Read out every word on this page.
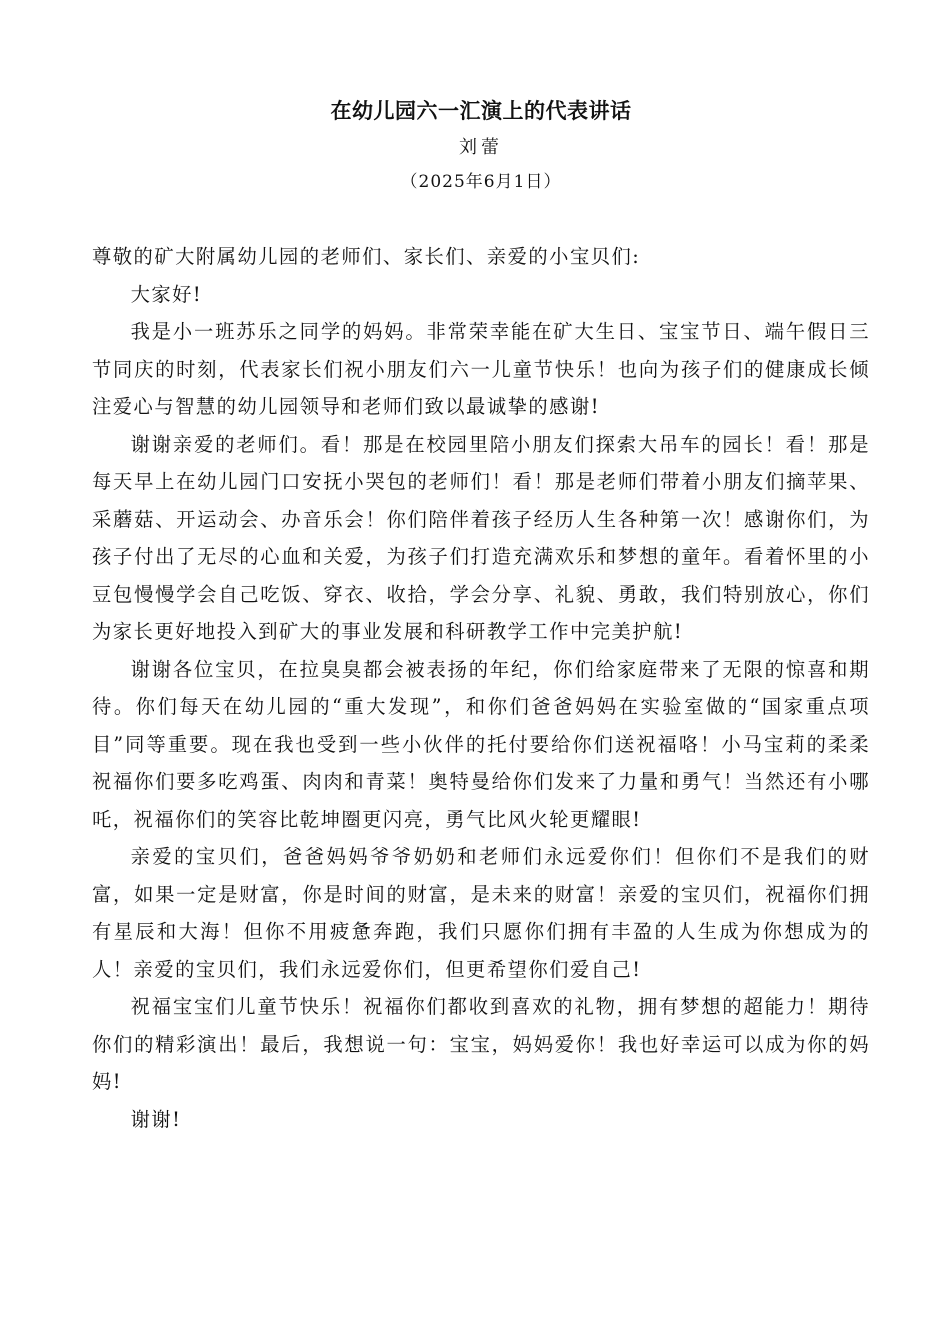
在幼儿园六一汇演上的代表讲话
刘蕾
（2025年6月1日）

尊敬的矿大附属幼儿园的老师们、家长们、亲爱的小宝贝们:

大家好!

我是小一班苏乐之同学的妈妈。非常荣幸能在矿大生日、宝宝节日、端午假日三节同庆的时刻，代表家长们祝小朋友们六一儿童节快乐！也向为孩子们的健康成长倾注爱心与智慧的幼儿园领导和老师们致以最诚挚的感谢!

谢谢亲爱的老师们。看！那是在校园里陪小朋友们探索大吊车的园长！看！那是每天早上在幼儿园门口安抚小哭包的老师们！看！那是老师们带着小朋友们摘苹果、采蘑菇、开运动会、办音乐会！你们陪伴着孩子经历人生各种第一次！感谢你们，为孩子付出了无尽的心血和关爱，为孩子们打造充满欢乐和梦想的童年。看着怀里的小豆包慢慢学会自己吃饭、穿衣、收拾，学会分享、礼貌、勇敢，我们特别放心，你们为家长更好地投入到矿大的事业发展和科研教学工作中完美护航!

谢谢各位宝贝，在拉臭臭都会被表扬的年纪，你们给家庭带来了无限的惊喜和期待。你们每天在幼儿园的“重大发现”，和你们爸爸妈妈在实验室做的“国家重点项目”同等重要。现在我也受到一些小伙伴的托付要给你们送祝福咯！小马宝莉的柔柔祝福你们要多吃鸡蛋、肉肉和青菜！奥特曼给你们发来了力量和勇气！当然还有小哪吒，祝福你们的笑容比乾坤圈更闪亮，勇气比风火轮更耀眼!

亲爱的宝贝们，爸爸妈妈爷爷奶奶和老师们永远爱你们！但你们不是我们的财富，如果一定是财富，你是时间的财富，是未来的财富！亲爱的宝贝们，祝福你们拥有星辰和大海！但你不用疲惫奔跑，我们只愿你们拥有丰盈的人生成为你想成为的人！亲爱的宝贝们，我们永远爱你们，但更希望你们爱自己!

祝福宝宝们儿童节快乐！祝福你们都收到喜欢的礼物，拥有梦想的超能力！期待你们的精彩演出！最后，我想说一句：宝宝，妈妈爱你！我也好幸运可以成为你的妈妈!

谢谢!
